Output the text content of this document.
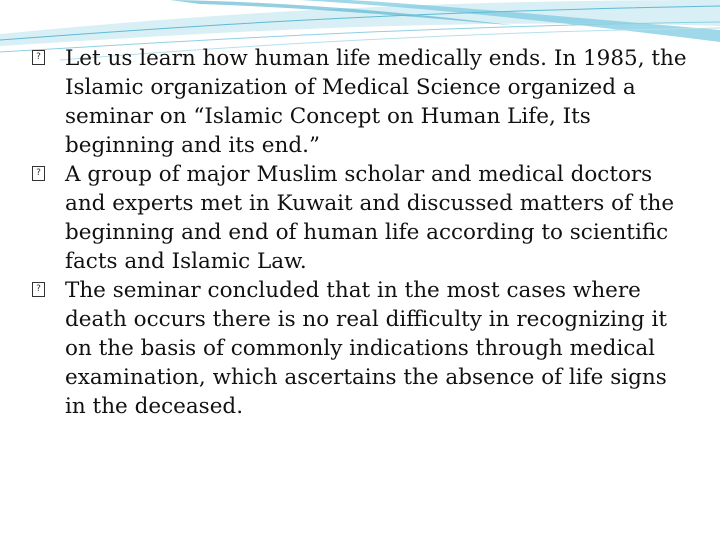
? Let us learn how human life medically ends. In 1985, the Islamic organization of Medical Science organized a seminar on “Islamic Concept on Human Life, Its beginning and its end.”
? A group of major Muslim scholar and medical doctors and experts met in Kuwait and discussed matters of the beginning and end of human life according to scientific facts and Islamic Law.
? The seminar concluded that in the most cases where death occurs there is no real difficulty in recognizing it on the basis of commonly indications through medical examination, which ascertains the absence of life signs in the deceased.
